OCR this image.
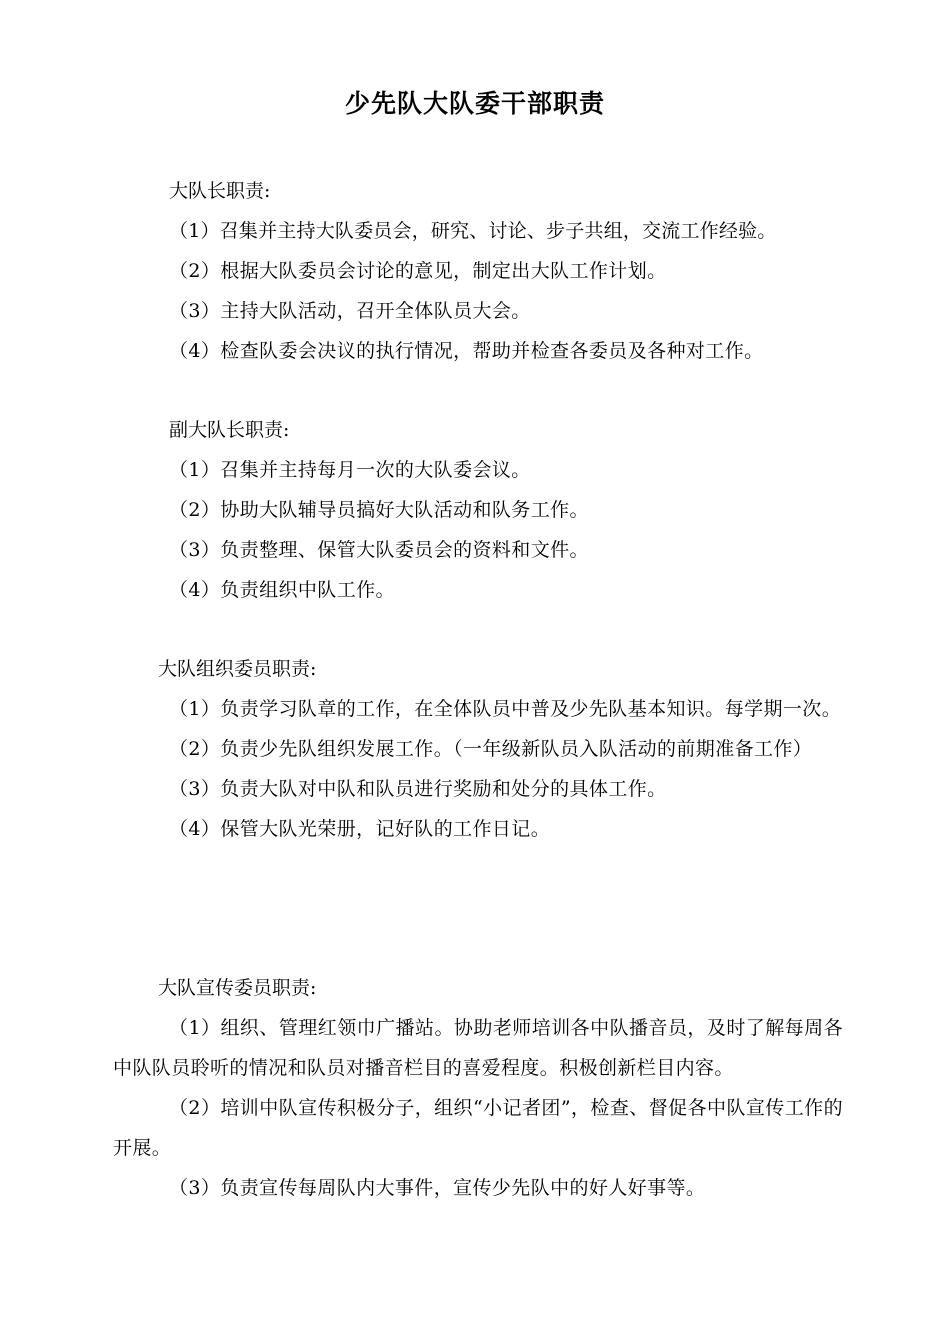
少先队大队委干部职责
大队长职责:
（1）召集并主持大队委员会，研究、讨论、步子共组，交流工作经验。
（2）根据大队委员会讨论的意见，制定出大队工作计划。
（3）主持大队活动，召开全体队员大会。
（4）检查队委会决议的执行情况，帮助并检查各委员及各种对工作。
副大队长职责:
（1）召集并主持每月一次的大队委会议。
（2）协助大队辅导员搞好大队活动和队务工作。
（3）负责整理、保管大队委员会的资料和文件。
（4）负责组织中队工作。
大队组织委员职责:
（1）负责学习队章的工作，在全体队员中普及少先队基本知识。每学期一次。
（2）负责少先队组织发展工作。（一年级新队员入队活动的前期准备工作）
（3）负责大队对中队和队员进行奖励和处分的具体工作。
（4）保管大队光荣册，记好队的工作日记。
大队宣传委员职责:
（1）组织、管理红领巾广播站。协助老师培训各中队播音员，及时了解每周各中队队员聆听的情况和队员对播音栏目的喜爱程度。积极创新栏目内容。
（2）培训中队宣传积极分子，组织“小记者团”，检查、督促各中队宣传工作的开展。
（3）负责宣传每周队内大事件，宣传少先队中的好人好事等。
